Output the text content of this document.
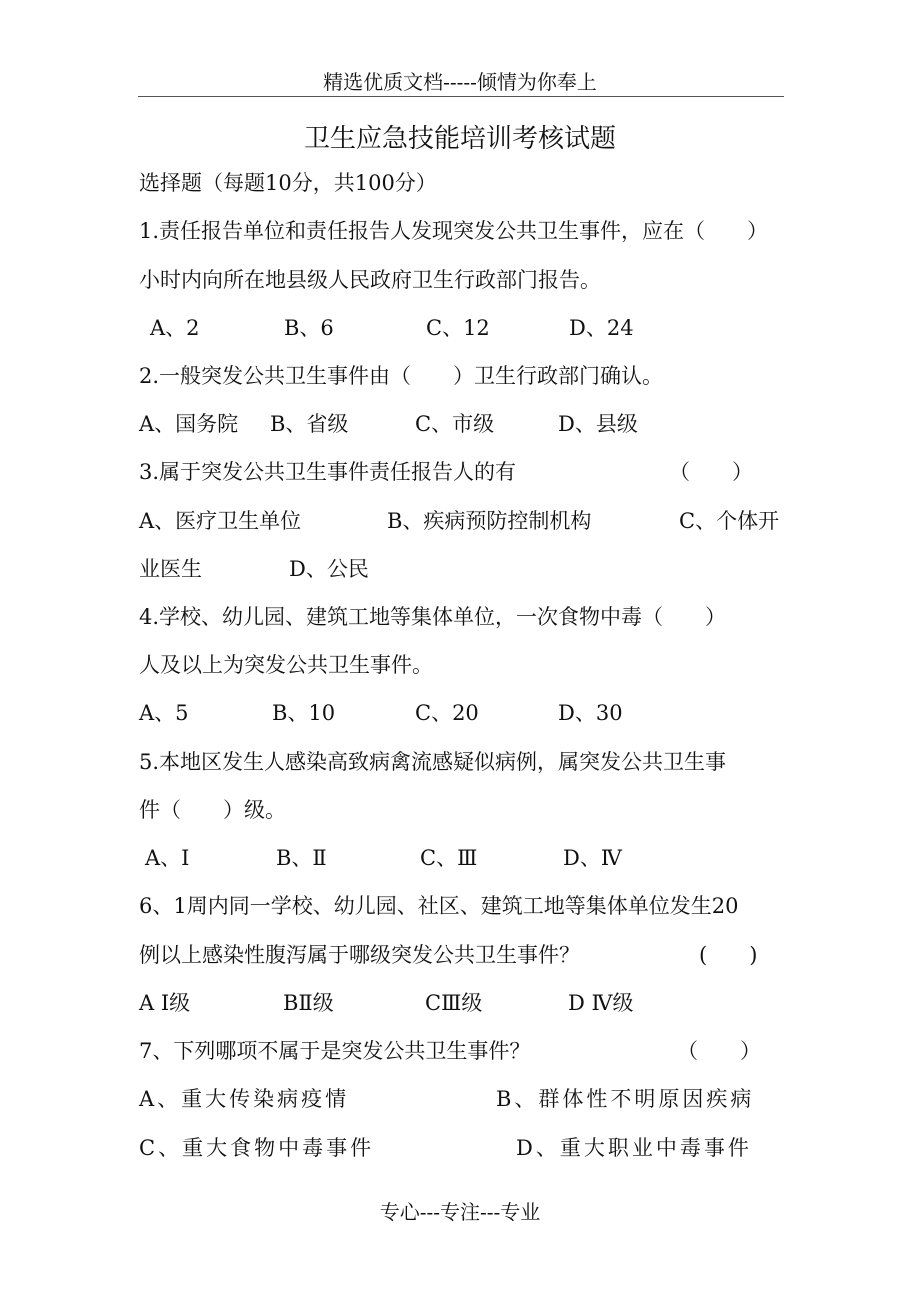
精选优质文档-----倾情为你奉上
卫生应急技能培训考核试题
选择题（每题10分，共100分）
1.责任报告单位和责任报告人发现突发公共卫生事件，应在（　　）
小时内向所在地县级人民政府卫生行政部门报告。

A、2

	B、6

	C、12

	D、24

2.一般突发公共卫生事件由（　　）卫生行政部门确认。

A、国务院

B、省级

	C、市级

	D、县级

3.属于突发公共卫生事件责任报告人的有

	（　　）

A、医疗卫生单位

	B、疾病预防控制机构

	C、个体开

业医生

	D、公民

4.学校、幼儿园、建筑工地等集体单位，一次食物中毒（　　）
人及以上为突发公共卫生事件。

A、5

	B、10

	C、20

	D、30

5.本地区发生人感染高致病禽流感疑似病例，属突发公共卫生事
件（　　）级。

A、Ⅰ

	B、Ⅱ

	C、Ⅲ

	D、Ⅳ

6、1周内同一学校、幼儿园、社区、建筑工地等集体单位发生20

例以上感染性腹泻属于哪级突发公共卫生事件？

	(　　)

A Ⅰ级

	BⅡ级

	CⅢ级

	D Ⅳ级

7、下列哪项不属于是突发公共卫生事件？

	（　　）

A、重大传染病疫情

	B、群体性不明原因疾病

C、重大食物中毒事件

	D、重大职业中毒事件

专心---专注---专业
